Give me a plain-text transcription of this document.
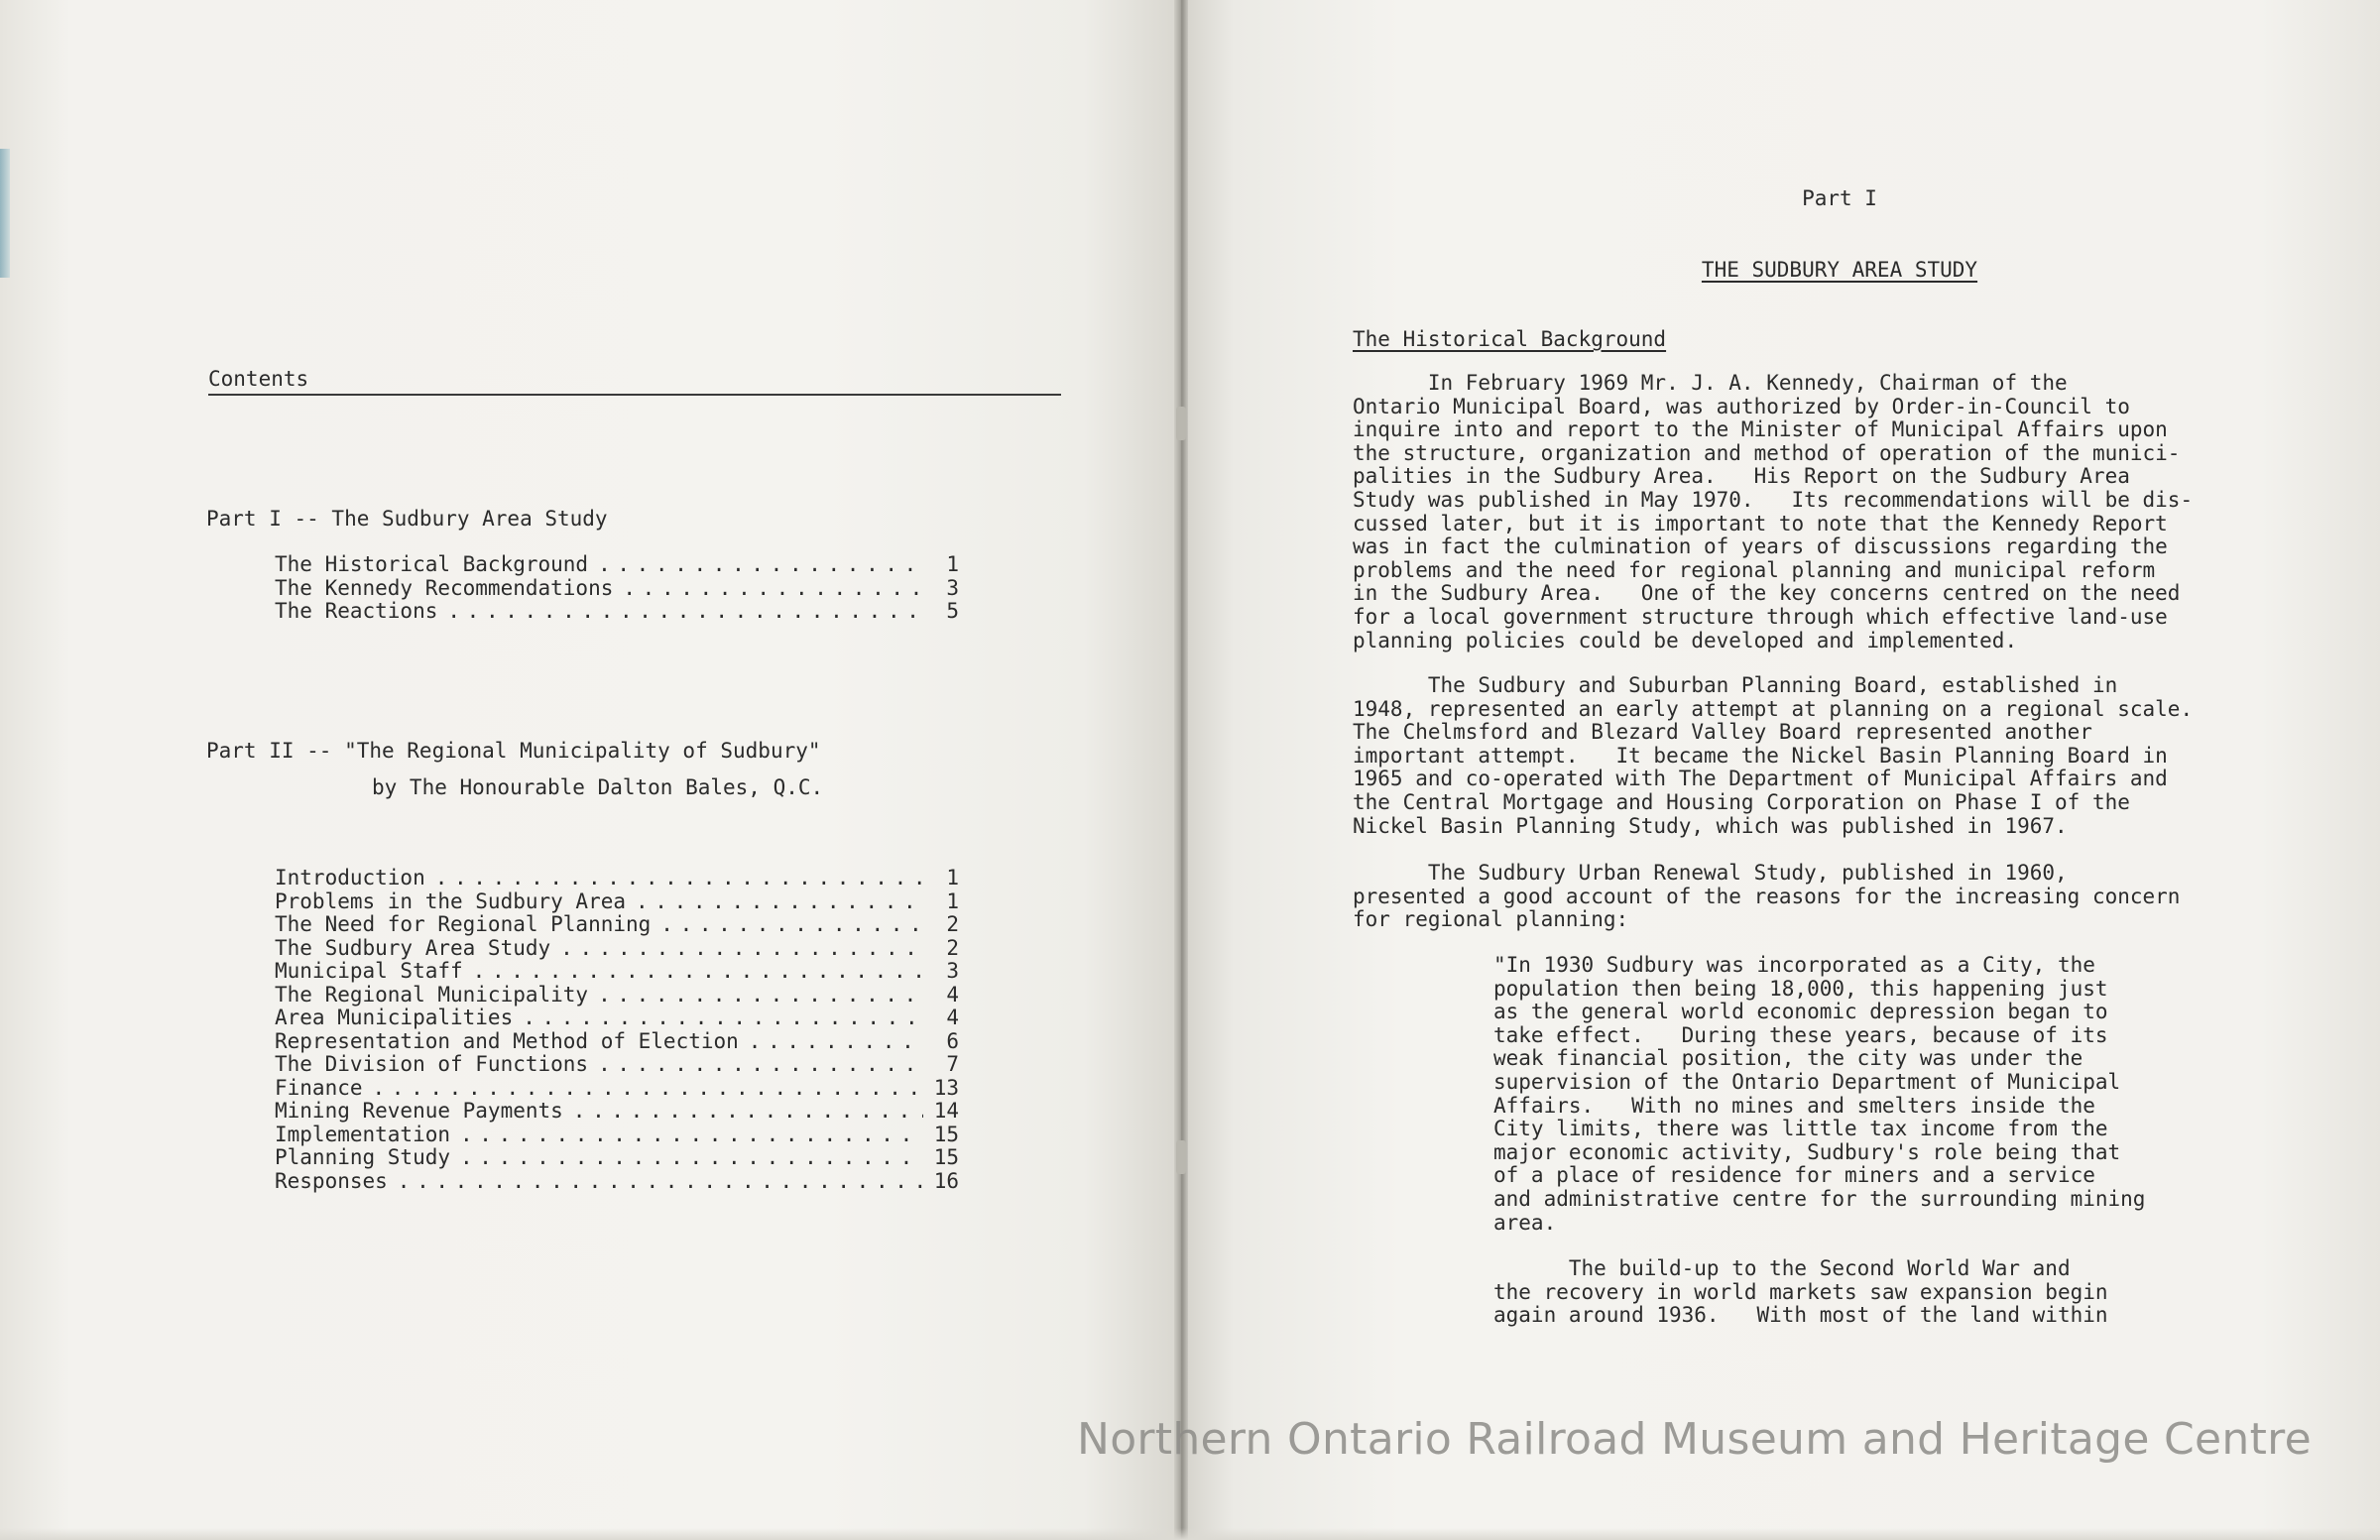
Contents
Part I -- The Sudbury Area Study
The Historical Background . . .	1
The Kennedy Recommendations . . .	3
The Reactions . . .	5
Part II -- "The Regional Municipality of Sudbury"
by The Honourable Dalton Bales, Q.C.
Introduction . . .	1
Problems in the Sudbury Area . . .	1
The Need for Regional Planning . . .	2
The Sudbury Area Study . . .	2
Municipal Staff . . .	3
The Regional Municipality . . .	4
Area Municipalities . . .	4
Representation and Method of Election . . .	6
The Division of Functions . . .	7
Finance . . .	13
Mining Revenue Payments . . .	14
Implementation . . .	15
Planning Study . . .	15
Responses . . .	16
Part I
THE SUDBURY AREA STUDY
The Historical Background
In February 1969 Mr. J. A. Kennedy, Chairman of the
Ontario Municipal Board, was authorized by Order-in-Council to
inquire into and report to the Minister of Municipal Affairs upon
the structure, organization and method of operation of the munici-
palities in the Sudbury Area.   His Report on the Sudbury Area
Study was published in May 1970.   Its recommendations will be dis-
cussed later, but it is important to note that the Kennedy Report
was in fact the culmination of years of discussions regarding the
problems and the need for regional planning and municipal reform
in the Sudbury Area.   One of the key concerns centred on the need
for a local government structure through which effective land-use
planning policies could be developed and implemented.
The Sudbury and Suburban Planning Board, established in
1948, represented an early attempt at planning on a regional scale.
The Chelmsford and Blezard Valley Board represented another
important attempt.   It became the Nickel Basin Planning Board in
1965 and co-operated with The Department of Municipal Affairs and
the Central Mortgage and Housing Corporation on Phase I of the
Nickel Basin Planning Study, which was published in 1967.
The Sudbury Urban Renewal Study, published in 1960,
presented a good account of the reasons for the increasing concern
for regional planning:
"In 1930 Sudbury was incorporated as a City, the
population then being 18,000, this happening just
as the general world economic depression began to
take effect.   During these years, because of its
weak financial position, the city was under the
supervision of the Ontario Department of Municipal
Affairs.   With no mines and smelters inside the
City limits, there was little tax income from the
major economic activity, Sudbury's role being that
of a place of residence for miners and a service
and administrative centre for the surrounding mining
area.
The build-up to the Second World War and
the recovery in world markets saw expansion begin
again around 1936.   With most of the land within
Northern Ontario Railroad Museum and Heritage Centre
